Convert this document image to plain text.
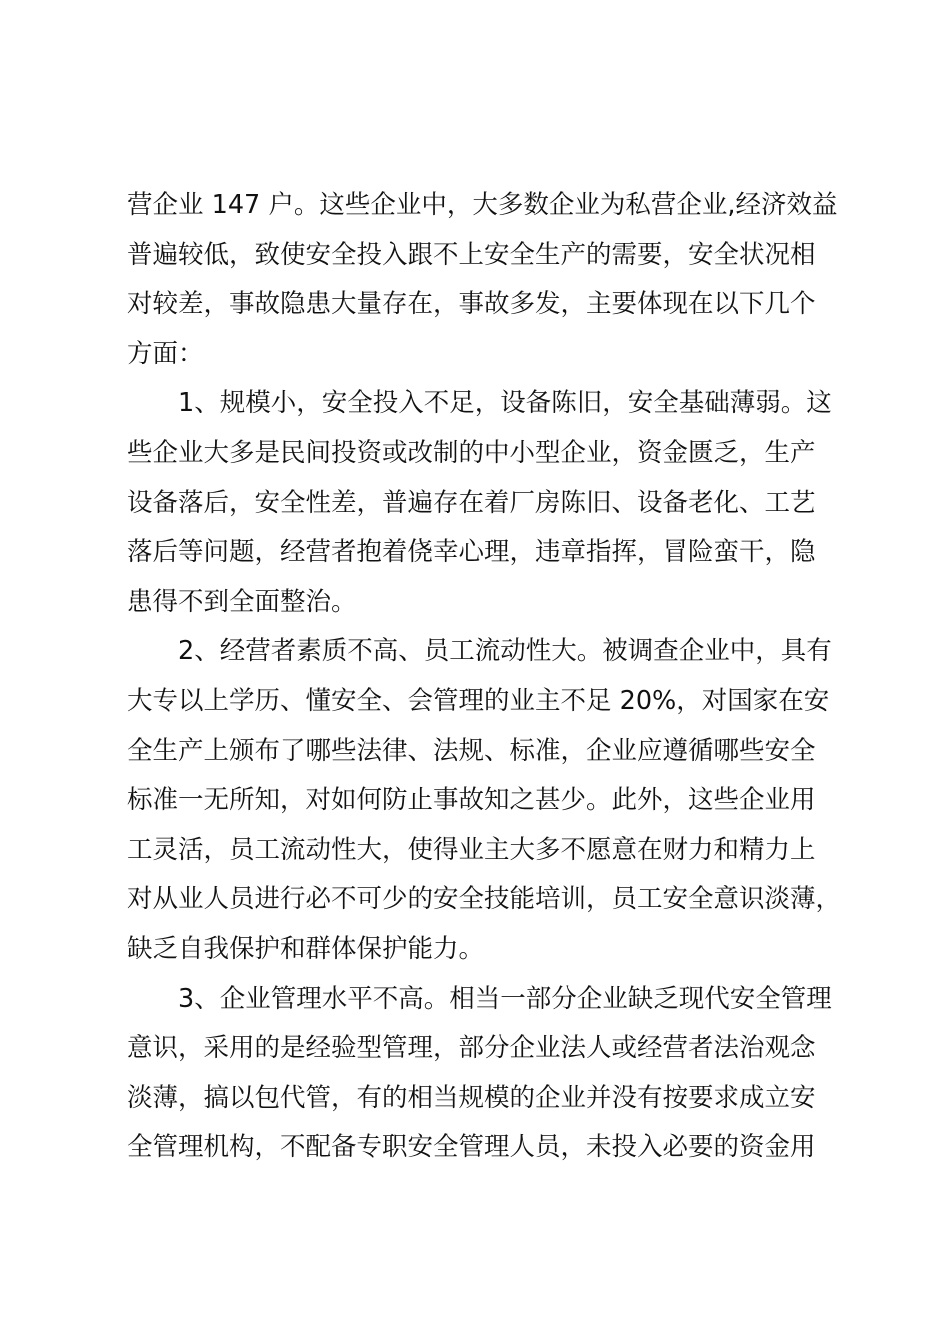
营企业 147 户。这些企业中，大多数企业为私营企业,经济效益
普遍较低，致使安全投入跟不上安全生产的需要，安全状况相
对较差，事故隐患大量存在，事故多发，主要体现在以下几个
方面：
1、规模小，安全投入不足，设备陈旧，安全基础薄弱。这
些企业大多是民间投资或改制的中小型企业，资金匮乏，生产
设备落后，安全性差，普遍存在着厂房陈旧、设备老化、工艺
落后等问题，经营者抱着侥幸心理，违章指挥，冒险蛮干，隐
患得不到全面整治。
2、经营者素质不高、员工流动性大。被调查企业中，具有
大专以上学历、懂安全、会管理的业主不足 20%，对国家在安
全生产上颁布了哪些法律、法规、标准，企业应遵循哪些安全
标准一无所知，对如何防止事故知之甚少。此外，这些企业用
工灵活，员工流动性大，使得业主大多不愿意在财力和精力上
对从业人员进行必不可少的安全技能培训，员工安全意识淡薄，
缺乏自我保护和群体保护能力。
3、企业管理水平不高。相当一部分企业缺乏现代安全管理
意识，采用的是经验型管理，部分企业法人或经营者法治观念
淡薄，搞以包代管，有的相当规模的企业并没有按要求成立安
全管理机构，不配备专职安全管理人员，未投入必要的资金用
